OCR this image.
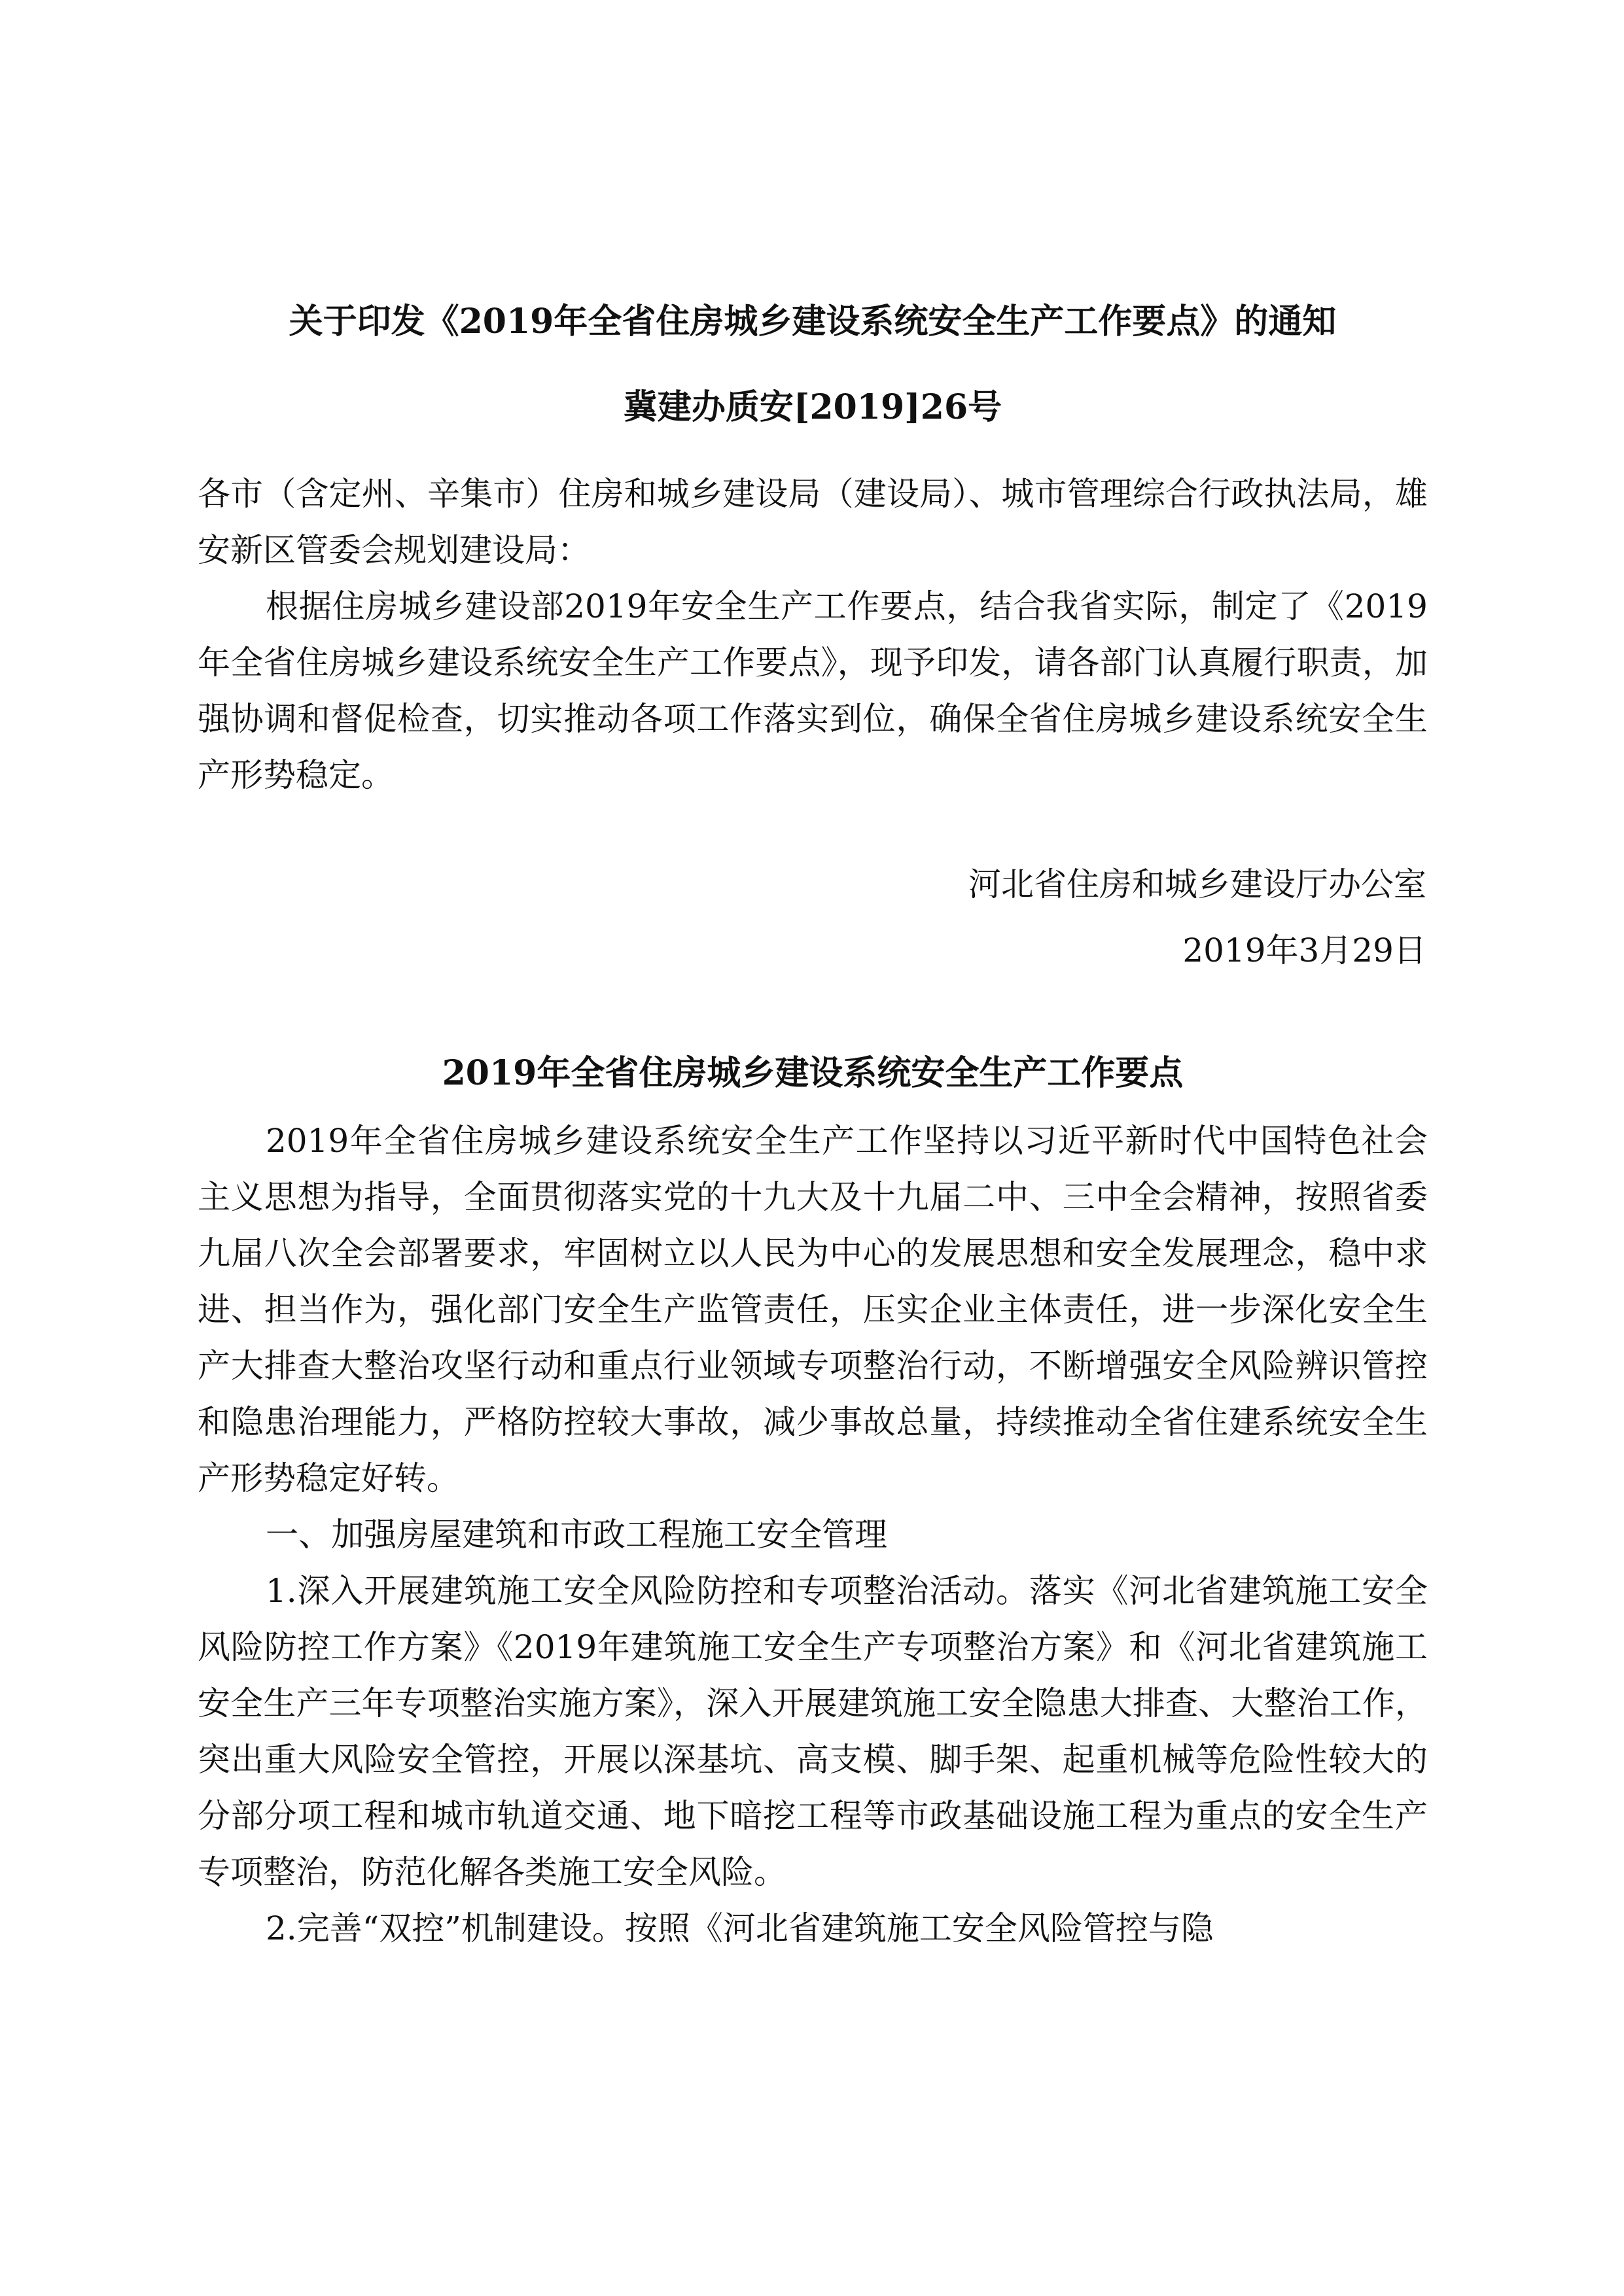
关于印发《2019年全省住房城乡建设系统安全生产工作要点》的通知
冀建办质安[2019]26号

各市（含定州、辛集市）住房和城乡建设局（建设局）、城市管理综合行政执法局，雄安新区管委会规划建设局：

根据住房城乡建设部2019年安全生产工作要点，结合我省实际，制定了《2019年全省住房城乡建设系统安全生产工作要点》，现予印发，请各部门认真履行职责，加强协调和督促检查，切实推动各项工作落实到位，确保全省住房城乡建设系统安全生产形势稳定。

河北省住房和城乡建设厅办公室
2019年3月29日
2019年全省住房城乡建设系统安全生产工作要点

2019年全省住房城乡建设系统安全生产工作坚持以习近平新时代中国特色社会主义思想为指导，全面贯彻落实党的十九大及十九届二中、三中全会精神，按照省委九届八次全会部署要求，牢固树立以人民为中心的发展思想和安全发展理念，稳中求进、担当作为，强化部门安全生产监管责任，压实企业主体责任，进一步深化安全生产大排查大整治攻坚行动和重点行业领域专项整治行动，不断增强安全风险辨识管控和隐患治理能力，严格防控较大事故，减少事故总量，持续推动全省住建系统安全生产形势稳定好转。

一、加强房屋建筑和市政工程施工安全管理

1.深入开展建筑施工安全风险防控和专项整治活动。落实《河北省建筑施工安全风险防控工作方案》《2019年建筑施工安全生产专项整治方案》和《河北省建筑施工安全生产三年专项整治实施方案》，深入开展建筑施工安全隐患大排查、大整治工作，突出重大风险安全管控，开展以深基坑、高支模、脚手架、起重机械等危险性较大的分部分项工程和城市轨道交通、地下暗挖工程等市政基础设施工程为重点的安全生产专项整治，防范化解各类施工安全风险。

2.完善“双控”机制建设。按照《河北省建筑施工安全风险管控与隐
